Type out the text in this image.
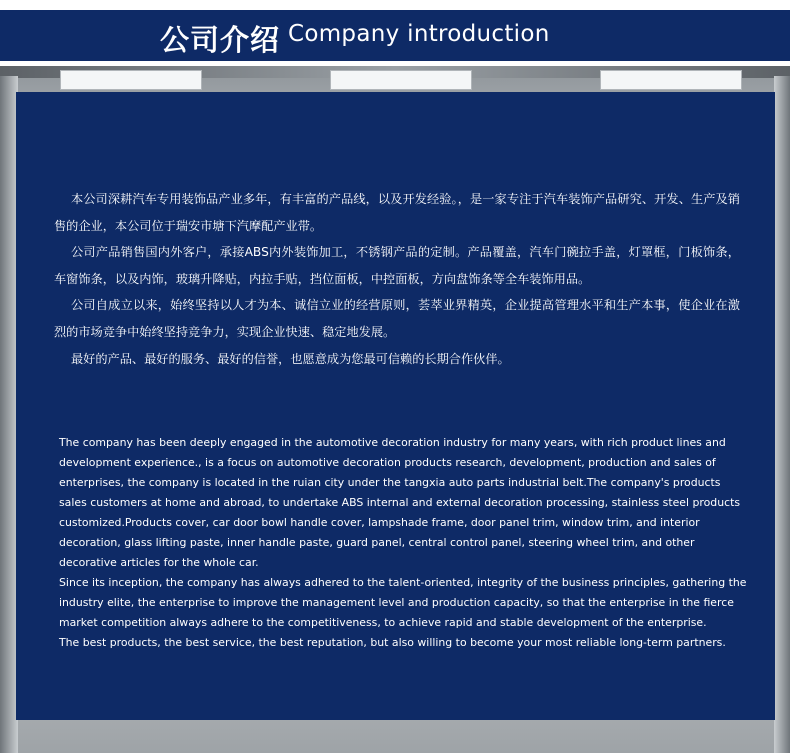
公司介绍 Company introduction

本公司深耕汽车专用装饰品产业多年，有丰富的产品线，以及开发经验。，是一家专注于汽车装饰产品研究、开发、生产及销售的企业，本公司位于瑞安市塘下汽摩配产业带。

公司产品销售国内外客户，承接ABS内外装饰加工，不锈钢产品的定制。产品覆盖，汽车门碗拉手盖，灯罩框，门板饰条，车窗饰条，以及内饰，玻璃升降贴，内拉手贴，挡位面板，中控面板，方向盘饰条等全车装饰用品。

公司自成立以来，始终坚持以人才为本、诚信立业的经营原则，荟萃业界精英，企业提高管理水平和生产本事，使企业在激烈的市场竞争中始终坚持竞争力，实现企业快速、稳定地发展。

最好的产品、最好的服务、最好的信誉，也愿意成为您最可信赖的长期合作伙伴。

The company has been deeply engaged in the automotive decoration industry for many years, with rich product lines and development experience., is a focus on automotive decoration products research, development, production and sales of enterprises, the company is located in the ruian city under the tangxia auto parts industrial belt.The company's products sales customers at home and abroad, to undertake ABS internal and external decoration processing, stainless steel products customized.Products cover, car door bowl handle cover, lampshade frame, door panel trim, window trim, and interior decoration, glass lifting paste, inner handle paste, guard panel, central control panel, steering wheel trim, and other decorative articles for the whole car.

Since its inception, the company has always adhered to the talent-oriented, integrity of the business principles, gathering the industry elite, the enterprise to improve the management level and production capacity, so that the enterprise in the fierce market competition always adhere to the competitiveness, to achieve rapid and stable development of the enterprise.

The best products, the best service, the best reputation, but also willing to become your most reliable long-term partners.
